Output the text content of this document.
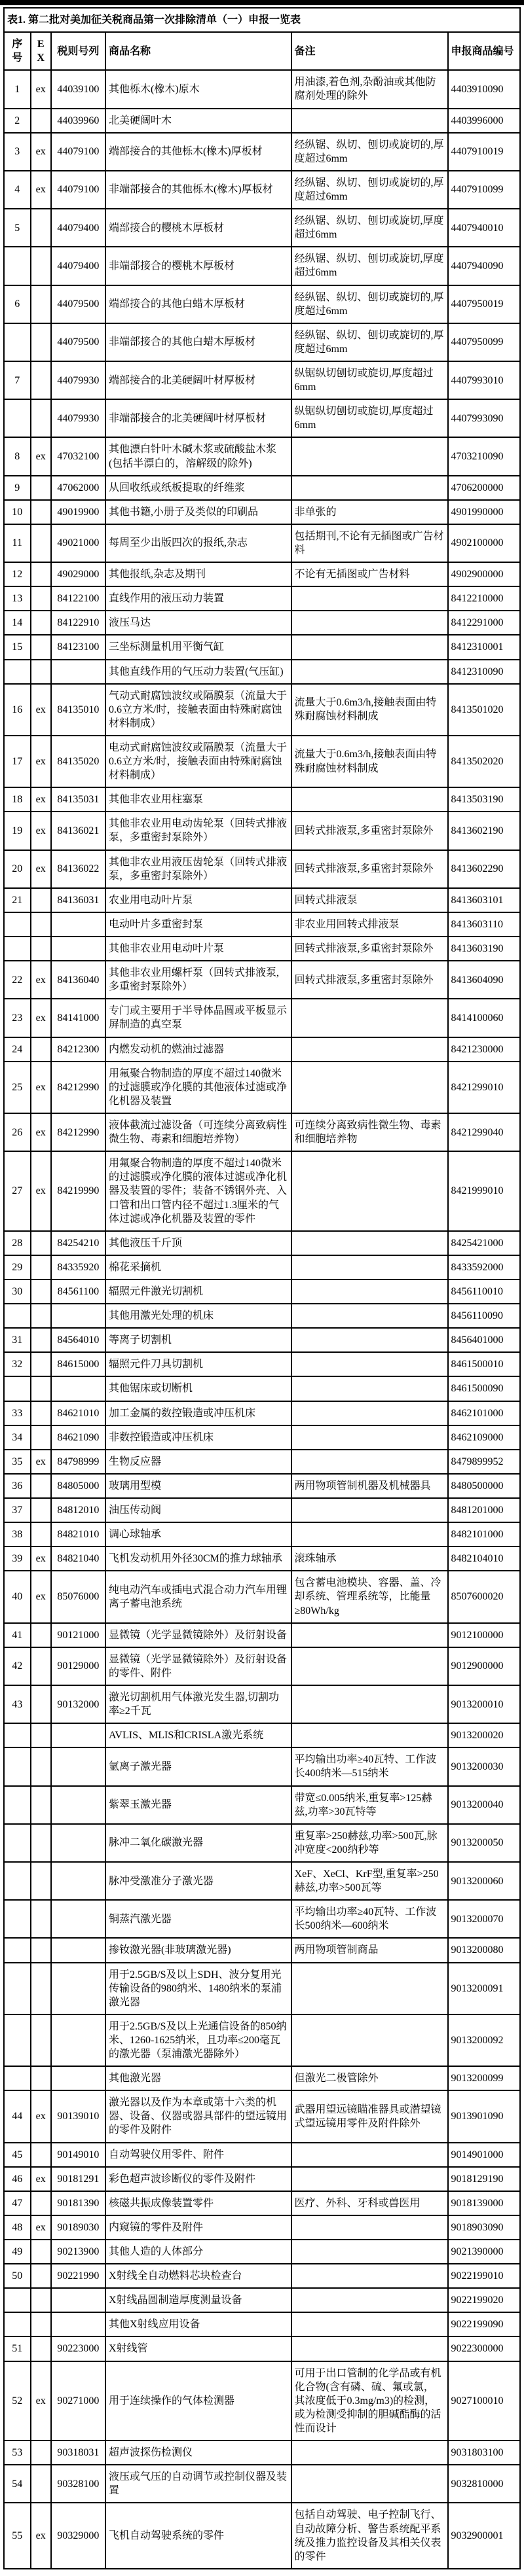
表1. 第二批对美加征关税商品第一次排除清单（一）申报一览表					
序号	EX	税则号列	商品名称	备注	申报商品编号
1	ex	44039100	其他栎木(橡木)原木	用油漆,着色剂,杂酚油或其他防腐剂处理的除外	4403910090
2		44039960	北美硬阔叶木		4403996000
3	ex	44079100	端部接合的其他栎木(橡木)厚板材	经纵锯、纵切、刨切或旋切的,厚度超过6mm	4407910019
4	ex	44079100	非端部接合的其他栎木(橡木)厚板材	经纵锯、纵切、刨切或旋切的,厚度超过6mm	4407910099
5		44079400	端部接合的樱桃木厚板材	经纵锯、纵切、刨切或旋切,厚度超过6mm	4407940010
		44079400	非端部接合的樱桃木厚板材	经纵锯、纵切、刨切或旋切,厚度超过6mm	4407940090
6		44079500	端部接合的其他白蜡木厚板材	经纵锯、纵切、刨切或旋切的,厚度超过6mm	4407950019
		44079500	非端部接合的其他白蜡木厚板材	经纵锯、纵切、刨切或旋切的,厚度超过6mm	4407950099
7		44079930	端部接合的北美硬阔叶材厚板材	纵锯纵切刨切或旋切,厚度超过6mm	4407993010
		44079930	非端部接合的北美硬阔叶材厚板材	纵锯纵切刨切或旋切,厚度超过6mm	4407993090
8	ex	47032100	其他漂白针叶木碱木浆或硫酸盐木浆(包括半漂白的，溶解级的除外)		4703210090
9		47062000	从回收纸或纸板提取的纤维浆		4706200000
10		49019900	其他书籍,小册子及类似的印刷品	非单张的	4901990000
11		49021000	每周至少出版四次的报纸,杂志	包括期刊,不论有无插图或广告材料	4902100000
12		49029000	其他报纸,杂志及期刊	不论有无插图或广告材料	4902900000
13		84122100	直线作用的液压动力装置		8412210000
14		84122910	液压马达		8412291000
15		84123100	三坐标测量机用平衡气缸		8412310001
			其他直线作用的气压动力装置(气压缸)		8412310090
16	ex	84135010	气动式耐腐蚀波纹或隔膜泵（流量大于0.6立方米/时，接触表面由特殊耐腐蚀材料制成）	流量大于0.6m3/h,接触表面由特殊耐腐蚀材料制成	8413501020
17	ex	84135020	电动式耐腐蚀波纹或隔膜泵（流量大于0.6立方米/时，接触表面由特殊耐腐蚀材料制成）	流量大于0.6m3/h,接触表面由特殊耐腐蚀材料制成	8413502020
18	ex	84135031	其他非农业用柱塞泵		8413503190
19	ex	84136021	其他非农业用电动齿轮泵（回转式排液泵，多重密封泵除外）	回转式排液泵,多重密封泵除外	8413602190
20	ex	84136022	其他非农业用液压齿轮泵（回转式排液泵，多重密封泵除外）	回转式排液泵,多重密封泵除外	8413602290
21		84136031	农业用电动叶片泵	回转式排液泵	8413603101
			电动叶片多重密封泵	非农业用回转式排液泵	8413603110
			其他非农业用电动叶片泵	回转式排液泵,多重密封泵除外	8413603190
22	ex	84136040	其他非农业用螺杆泵（回转式排液泵,多重密封泵除外）	回转式排液泵,多重密封泵除外	8413604090
23	ex	84141000	专门或主要用于半导体晶圆或平板显示屏制造的真空泵		8414100060
24		84212300	内燃发动机的燃油过滤器		8421230000
25	ex	84212990	用氟聚合物制造的厚度不超过140微米的过滤膜或净化膜的其他液体过滤或净化机器及装置		8421299010
26	ex	84212990	液体截流过滤设备（可连续分离致病性微生物、毒素和细胞培养物）	可连续分离致病性微生物、毒素和细胞培养物	8421299040
27	ex	84219990	用氟聚合物制造的厚度不超过140微米的过滤膜或净化膜的液体过滤或净化机器及装置的零件；装备不锈钢外壳、入口管和出口管内径不超过1.3厘米的气体过滤或净化机器及装置的零件		8421999010
28		84254210	其他液压千斤顶		8425421000
29		84335920	棉花采摘机		8433592000
30		84561100	辐照元件激光切割机		8456110010
			其他用激光处理的机床		8456110090
31		84564010	等离子切割机		8456401000
32		84615000	辐照元件刀具切割机		8461500010
			其他锯床或切断机		8461500090
33		84621010	加工金属的数控锻造或冲压机床		8462101000
34		84621090	非数控锻造或冲压机床		8462109000
35	ex	84798999	生物反应器		8479899952
36		84805000	玻璃用型模	两用物项管制机器及机械器具	8480500000
37		84812010	油压传动阀		8481201000
38		84821010	调心球轴承		8482101000
39	ex	84821040	飞机发动机用外径30CM的推力球轴承	滚珠轴承	8482104010
40	ex	85076000	纯电动汽车或插电式混合动力汽车用锂离子蓄电池系统	包含蓄电池模块、容器、盖、冷却系统、管理系统等，比能量≥80Wh/kg	8507600020
41		90121000	显微镜（光学显微镜除外）及衍射设备		9012100000
42		90129000	显微镜（光学显微镜除外）及衍射设备的零件、附件		9012900000
43		90132000	激光切割机用气体激光发生器,切割功率≥2千瓦		9013200010
			AVLIS、MLIS和CRISLA激光系统		9013200020
			氩离子激光器	平均输出功率≥40瓦特、工作波长400纳米—515纳米	9013200030
			紫翠玉激光器	带宽≤0.005纳米,重复率>125赫兹,功率>30瓦特等	9013200040
			脉冲二氧化碳激光器	重复率>250赫兹,功率>500瓦,脉冲宽度<200纳秒等	9013200050
			脉冲受激准分子激光器	XeF、XeCl、KrF型,重复率>250赫兹,功率>500瓦等	9013200060
			铜蒸汽激光器	平均输出功率≥40瓦特、工作波长500纳米—600纳米	9013200070
			掺钕激光器(非玻璃激光器)	两用物项管制商品	9013200080
			用于2.5GB/S及以上SDH、波分复用光传输设备的980纳米、1480纳米的泵浦激光器		9013200091
			用于2.5GB/S及以上光通信设备的850纳米、1260-1625纳米，且功率≤200毫瓦的激光器（泵浦激光器除外）		9013200092
			其他激光器	但激光二极管除外	9013200099
44	ex	90139010	激光器以及作为本章或第十六类的机器、设备、仪器或器具部件的望远镜用的零件及附件	武器用望远镜瞄准器具或潜望镜式望远镜用零件及附件除外	9013901090
45		90149010	自动驾驶仪用零件、附件		9014901000
46	ex	90181291	彩色超声波诊断仪的零件及附件		9018129190
47		90181390	核磁共振成像装置零件	医疗、外科、牙科或兽医用	9018139000
48	ex	90189030	内窥镜的零件及附件		9018903090
49		90213900	其他人造的人体部分		9021390000
50		90221990	X射线全自动燃料芯块检查台		9022199010
			X射线晶圆制造厚度测量设备		9022199020
			其他X射线应用设备		9022199090
51		90223000	X射线管		9022300000
52	ex	90271000	用于连续操作的气体检测器	可用于出口管制的化学品或有机化合物(含有磷、硫、氟或氯，其浓度低于0.3mg/m3)的检测，或为检测受抑制的胆碱酯酶的活性而设计	9027100010
53		90318031	超声波探伤检测仪		9031803100
54		90328100	液压或气压的自动调节或控制仪器及装置		9032810000
55	ex	90329000	飞机自动驾驶系统的零件	包括自动驾驶、电子控制飞行、自动故障分析、警告系统配平系统及推力监控设备及其相关仪表的零件	9032900001
